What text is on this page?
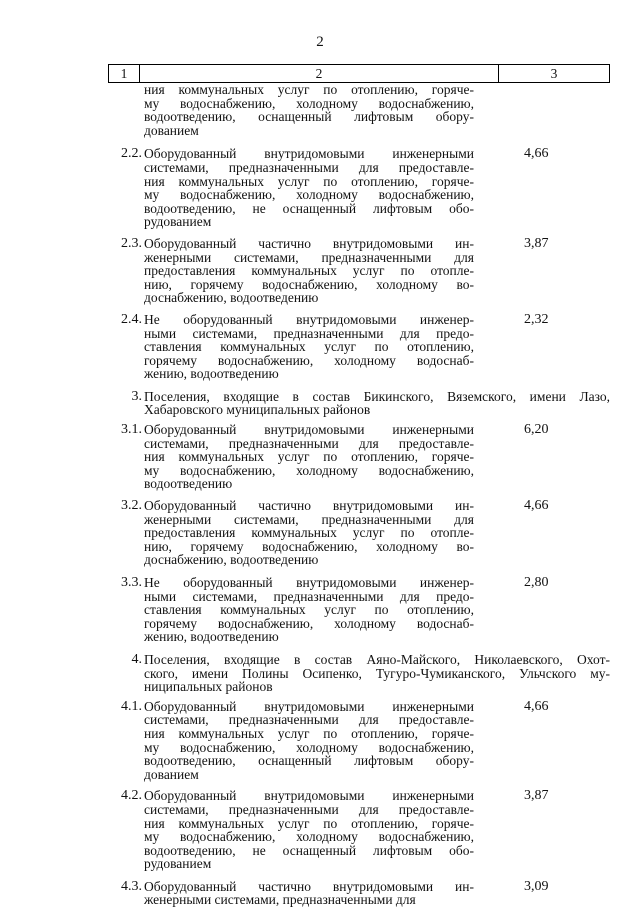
2
1	2	3
ния коммунальных услуг по отоплению, горяче-
му водоснабжению, холодному водоснабжению,
водоотведению, оснащенный лифтовым обору-
дованием
2.2. Оборудованный внутридомовыми инженерными
системами, предназначенными для предоставле-
ния коммунальных услуг по отоплению, горяче-
му водоснабжению, холодному водоснабжению,
водоотведению, не оснащенный лифтовым обо-
рудованием
4,66
2.3. Оборудованный частично внутридомовыми ин-
женерными системами, предназначенными для
предоставления коммунальных услуг по отопле-
нию, горячему водоснабжению, холодному во-
доснабжению, водоотведению
3,87
2.4. Не оборудованный внутридомовыми инженер-
ными системами, предназначенными для предо-
ставления коммунальных услуг по отоплению,
горячему водоснабжению, холодному водоснаб-
жению, водоотведению
2,32
3. Поселения, входящие в состав Бикинского, Вяземского, имени Лазо,
Хабаровского муниципальных районов
3.1. Оборудованный внутридомовыми инженерными
системами, предназначенными для предоставле-
ния коммунальных услуг по отоплению, горяче-
му водоснабжению, холодному водоснабжению,
водоотведению
6,20
3.2. Оборудованный частично внутридомовыми ин-
женерными системами, предназначенными для
предоставления коммунальных услуг по отопле-
нию, горячему водоснабжению, холодному во-
доснабжению, водоотведению
4,66
3.3. Не оборудованный внутридомовыми инженер-
ными системами, предназначенными для предо-
ставления коммунальных услуг по отоплению,
горячему водоснабжению, холодному водоснаб-
жению, водоотведению
2,80
4. Поселения, входящие в состав Аяно-Майского, Николаевского, Охот-
ского, имени Полины Осипенко, Тугуро-Чумиканского, Ульчского му-
ниципальных районов
4.1. Оборудованный внутридомовыми инженерными
системами, предназначенными для предоставле-
ния коммунальных услуг по отоплению, горяче-
му водоснабжению, холодному водоснабжению,
водоотведению, оснащенный лифтовым обору-
дованием
4,66
4.2. Оборудованный внутридомовыми инженерными
системами, предназначенными для предоставле-
ния коммунальных услуг по отоплению, горяче-
му водоснабжению, холодному водоснабжению,
водоотведению, не оснащенный лифтовым обо-
рудованием
3,87
4.3. Оборудованный частично внутридомовыми ин-
женерными системами, предназначенными для
3,09
